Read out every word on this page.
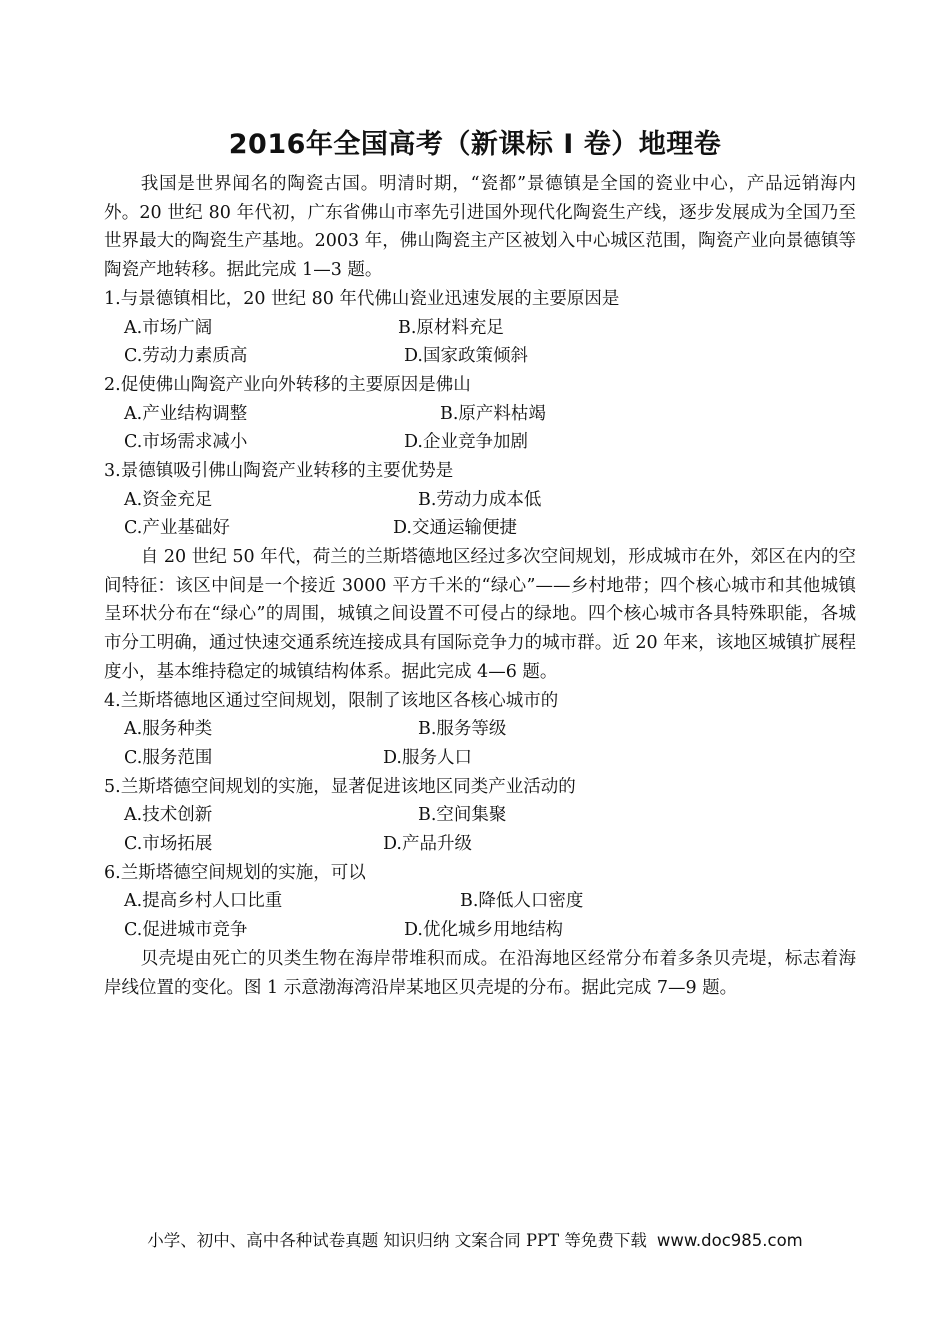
2016年全国高考（新课标 I 卷）地理卷

我国是世界闻名的陶瓷古国。明清时期，“瓷都”景德镇是全国的瓷业中心，产品远销海内外。20 世纪 80 年代初，广东省佛山市率先引进国外现代化陶瓷生产线，逐步发展成为全国乃至世界最大的陶瓷生产基地。2003 年，佛山陶瓷主产区被划入中心城区范围，陶瓷产业向景德镇等陶瓷产地转移。据此完成 1—3 题。

1.与景德镇相比，20 世纪 80 年代佛山瓷业迅速发展的主要原因是

A.市场广阔	B.原材料充足
C.劳动力素质高	D.国家政策倾斜

2.促使佛山陶瓷产业向外转移的主要原因是佛山

A.产业结构调整	B.原产料枯竭
C.市场需求减小	D.企业竞争加剧

3.景德镇吸引佛山陶瓷产业转移的主要优势是

A.资金充足	B.劳动力成本低
C.产业基础好	D.交通运输便捷

自 20 世纪 50 年代，荷兰的兰斯塔德地区经过多次空间规划，形成城市在外，郊区在内的空间特征：该区中间是一个接近 3000 平方千米的“绿心”——乡村地带；四个核心城市和其他城镇呈环状分布在“绿心”的周围，城镇之间设置不可侵占的绿地。四个核心城市各具特殊职能，各城市分工明确，通过快速交通系统连接成具有国际竞争力的城市群。近 20 年来，该地区城镇扩展程度小，基本维持稳定的城镇结构体系。据此完成 4—6 题。

4.兰斯塔德地区通过空间规划，限制了该地区各核心城市的

A.服务种类	B.服务等级
C.服务范围	D.服务人口

5.兰斯塔德空间规划的实施，显著促进该地区同类产业活动的

A.技术创新	B.空间集聚
C.市场拓展	D.产品升级

6.兰斯塔德空间规划的实施，可以

A.提高乡村人口比重	B.降低人口密度
C.促进城市竞争	D.优化城乡用地结构

贝壳堤由死亡的贝类生物在海岸带堆积而成。在沿海地区经常分布着多条贝壳堤，标志着海岸线位置的变化。图 1 示意渤海湾沿岸某地区贝壳堤的分布。据此完成 7—9 题。

小学、初中、高中各种试卷真题 知识归纳 文案合同 PPT 等免费下载 www.doc985.com
